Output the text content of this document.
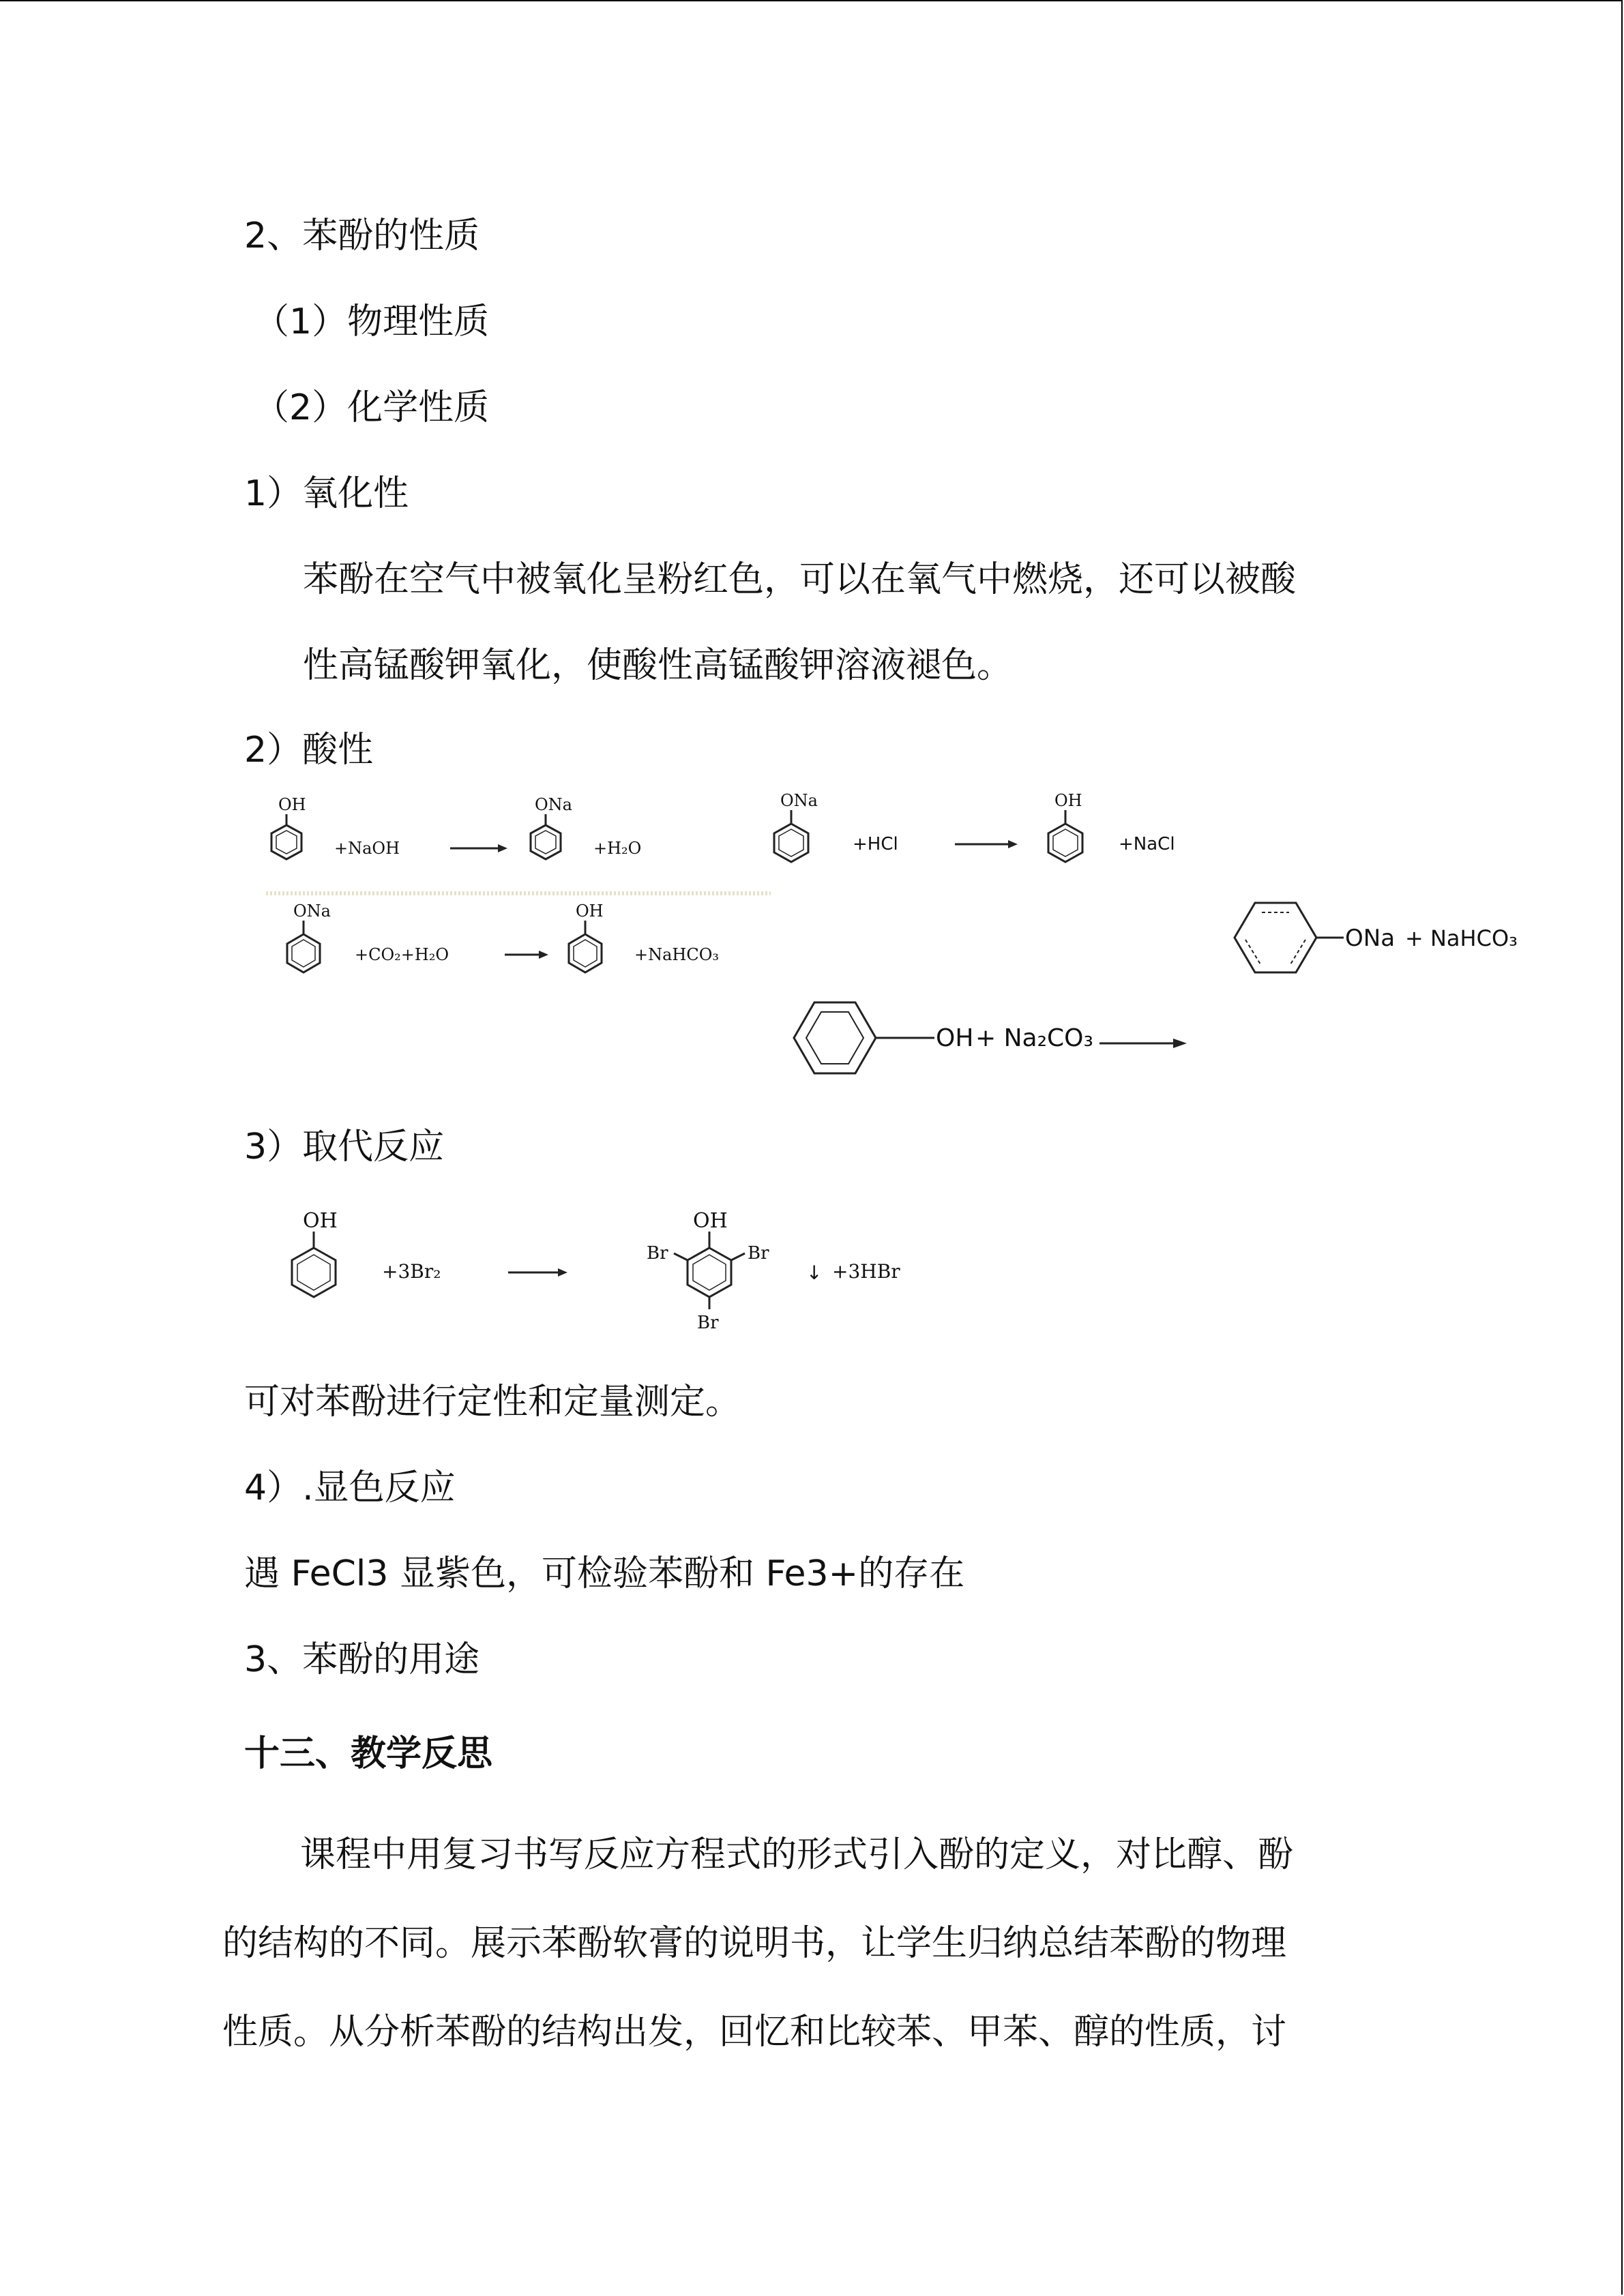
2、苯酚的性质
（1）物理性质
（2）化学性质
1）氧化性
苯酚在空气中被氧化呈粉红色，可以在氧气中燃烧，还可以被酸
性高锰酸钾氧化，使酸性高锰酸钾溶液褪色。
2）酸性
OH
+NaOH
ONa
+H₂O
ONa
+HCl
OH
+NaCl
ONa
+CO₂+H₂O
OH
+NaHCO₃
ONa + NaHCO₃
OH + Na₂CO₃
3）取代反应
OH
+3Br₂
OH
Br	Br
Br
↓ +3HBr
可对苯酚进行定性和定量测定。
4）.显色反应
遇 FeCl3 显紫色，可检验苯酚和 Fe3+的存在
3、苯酚的用途
十三、教学反思
课程中用复习书写反应方程式的形式引入酚的定义，对比醇、酚
的结构的不同。展示苯酚软膏的说明书，让学生归纳总结苯酚的物理
性质。从分析苯酚的结构出发，回忆和比较苯、甲苯、醇的性质，讨
